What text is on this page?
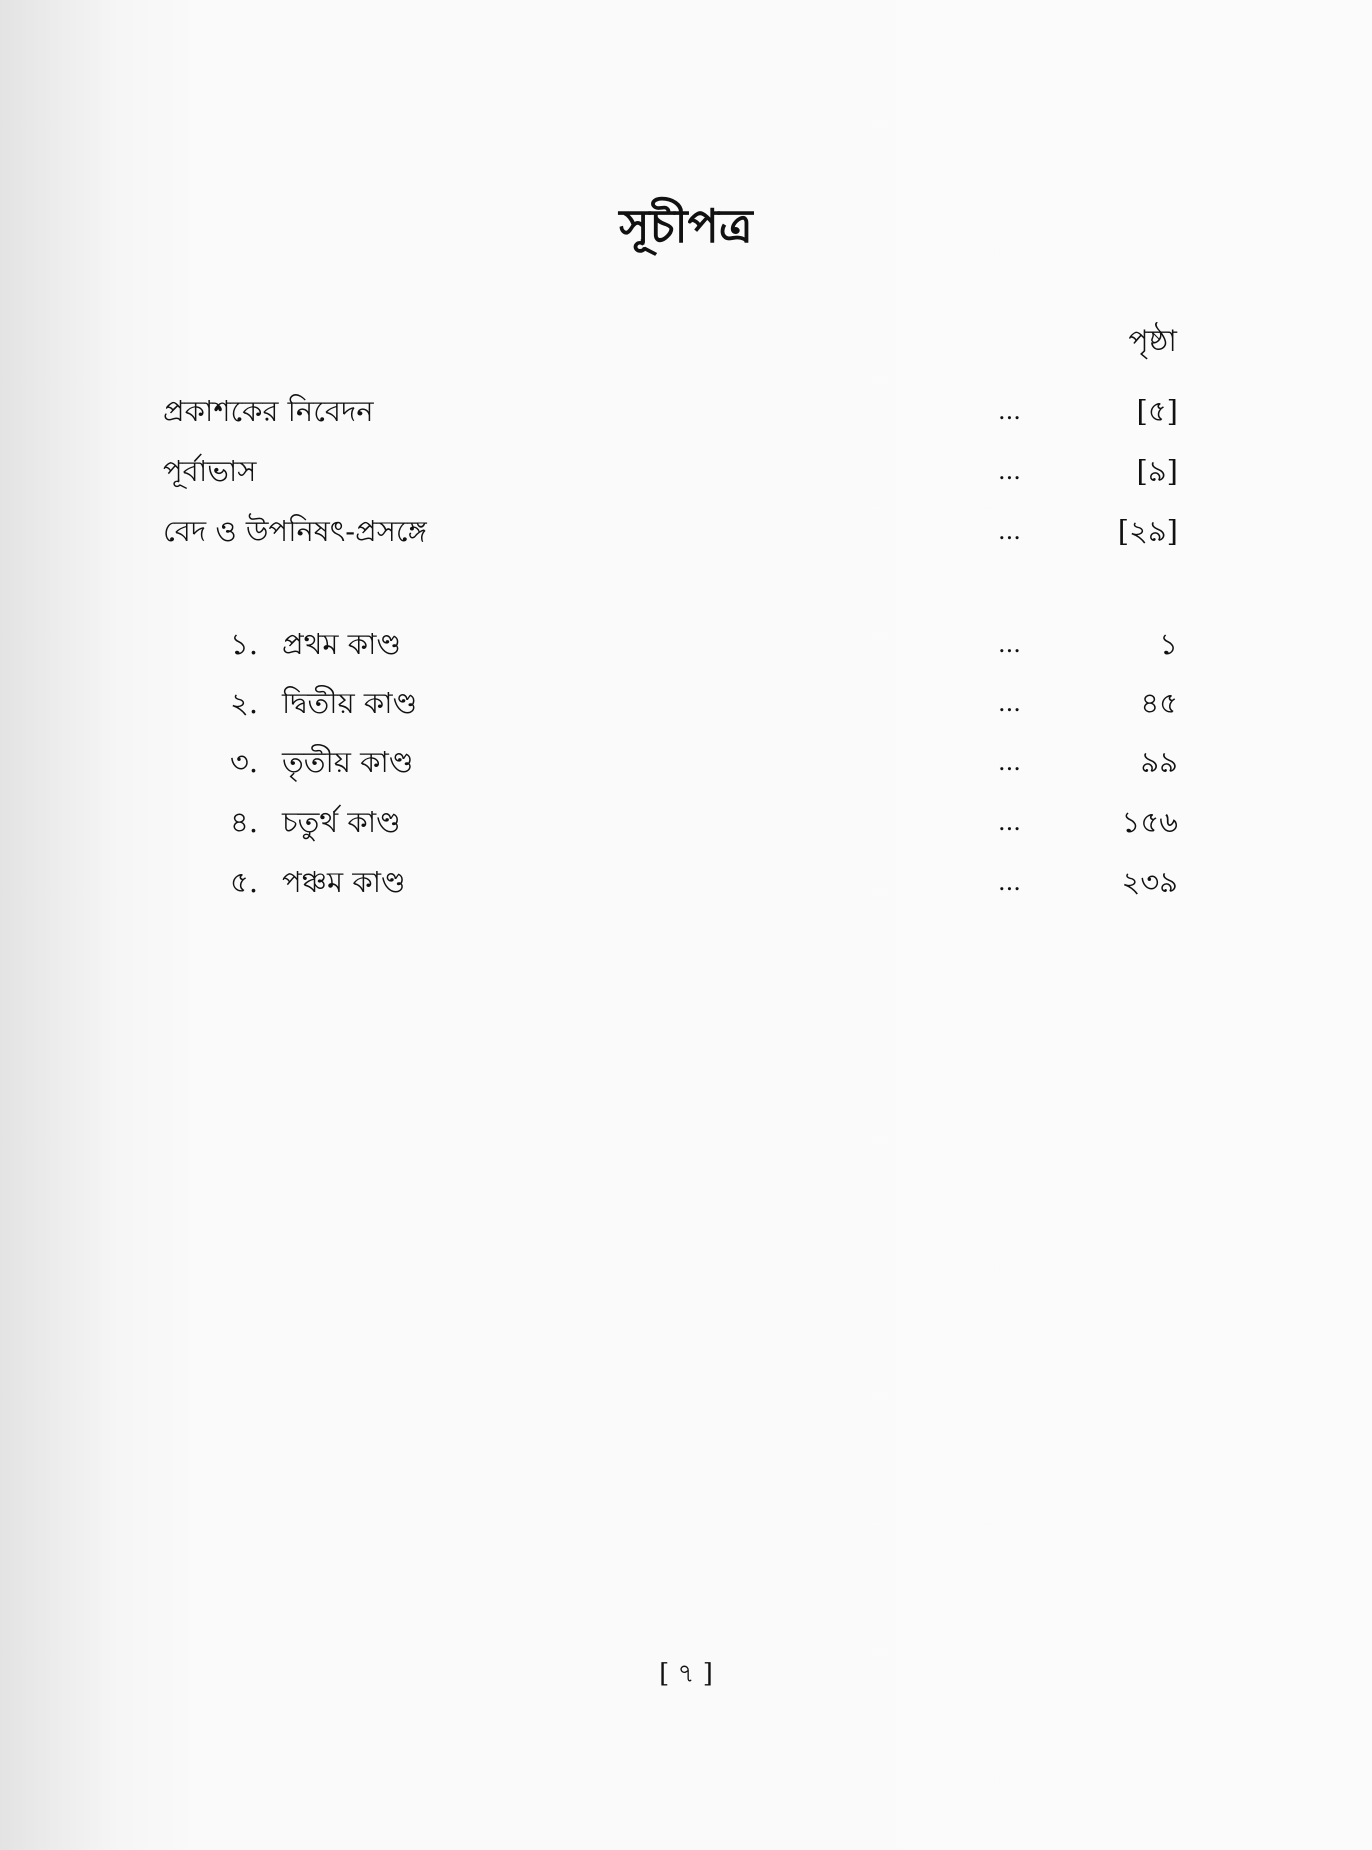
সূচীপত্র
পৃষ্ঠা
প্রকাশকের নিবেদন	...	[৫]
পূর্বাভাস	...	[৯]
বেদ ও উপনিষৎ-প্রসঙ্গে	...	[২৯]
১. প্রথম কাণ্ড	...	১
২. দ্বিতীয় কাণ্ড	...	৪৫
৩. তৃতীয় কাণ্ড	...	৯৯
৪. চতুর্থ কাণ্ড	...	১৫৬
৫. পঞ্চম কাণ্ড	...	২৩৯
[ ৭ ]
